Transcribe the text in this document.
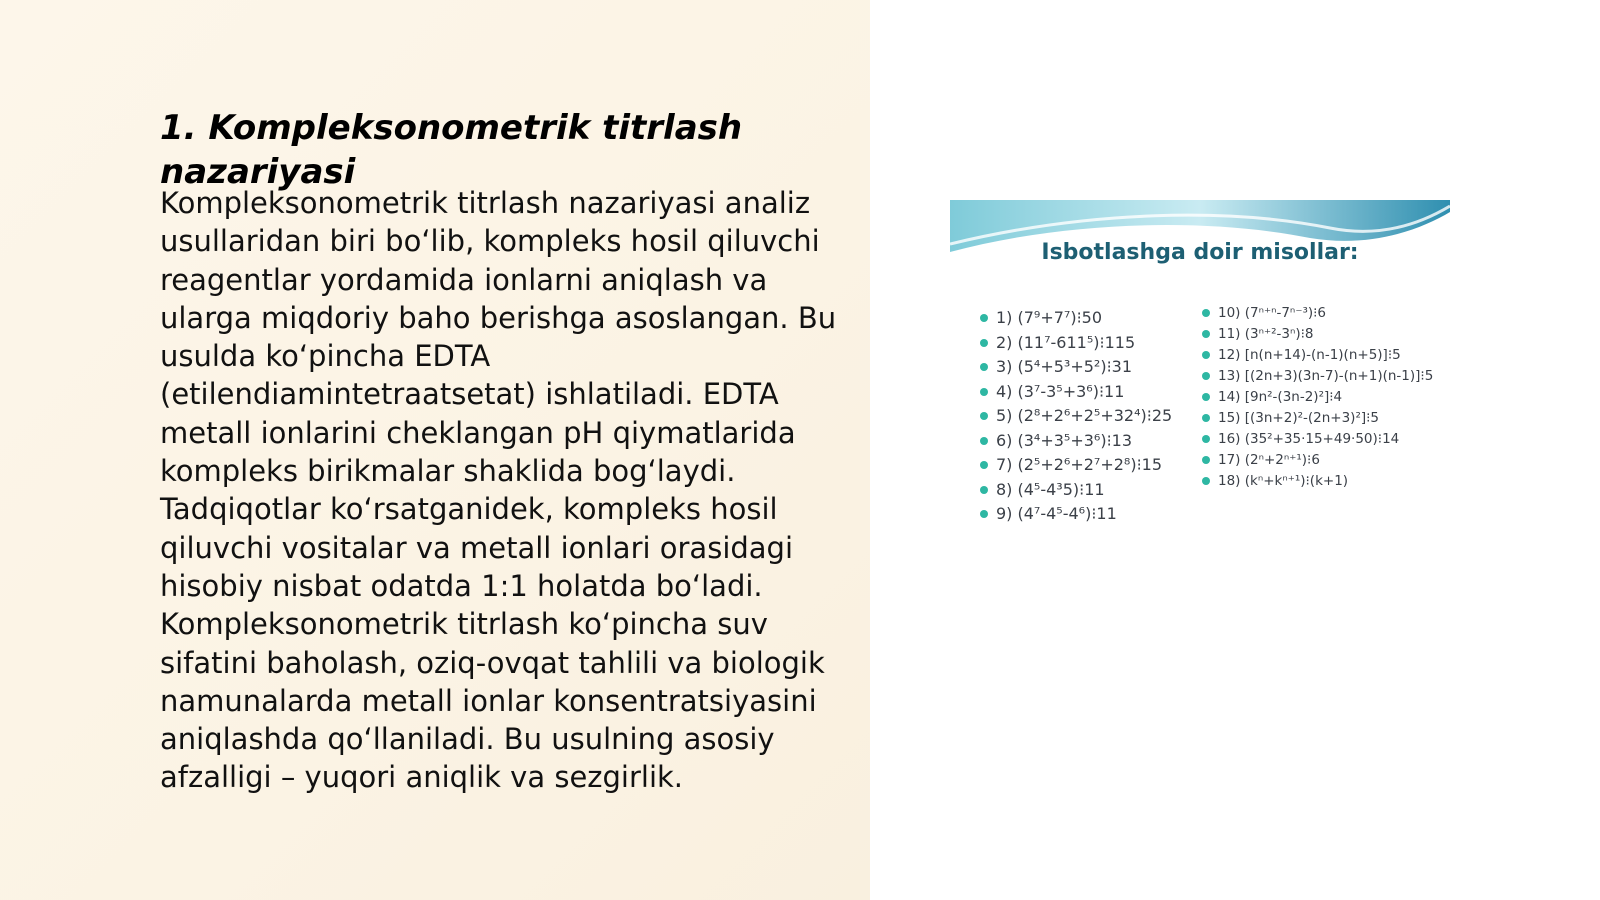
1. Kompleksonometrik titrlash nazariyasi

Kompleksonometrik titrlash nazariyasi analiz usullaridan biri bo‘lib, kompleks hosil qiluvchi reagentlar yordamida ionlarni aniqlash va ularga miqdoriy baho berishga asoslangan. Bu usulda ko‘pincha EDTA (etilendiamintetraatsetat) ishlatiladi. EDTA metall ionlarini cheklangan pH qiymatlarida kompleks birikmalar shaklida bog‘laydi. Tadqiqotlar ko‘rsatganidek, kompleks hosil qiluvchi vositalar va metall ionlari orasidagi hisobiy nisbat odatda 1:1 holatda bo‘ladi. Kompleksonometrik titrlash ko‘pincha suv sifatini baholash, oziq-ovqat tahlili va biologik namunalarda metall ionlar konsentratsiyasini aniqlashda qo‘llaniladi. Bu usulning asosiy afzalligi – yuqori aniqlik va sezgirlik.

Isbotlashga doir misollar:
1) (7⁹+7⁷)⁝50
2) (11⁷-611⁵)⁝115
3) (5⁴+5³+5²)⁝31
4) (3⁷-3⁵+3⁶)⁝11
5) (2⁸+2⁶+2⁵+32⁴)⁝25
6) (3⁴+3⁵+3⁶)⁝13
7) (2⁵+2⁶+2⁷+2⁸)⁝15
8) (4⁵-4³5)⁝11
9) (4⁷-4⁵-4⁶)⁝11
10) (7ⁿ⁺ⁿ-7ⁿ⁻³)⁝6
11) (3ⁿ⁺²-3ⁿ)⁝8
12) [n(n+14)-(n-1)(n+5)]⁝5
13) [(2n+3)(3n-7)-(n+1)(n-1)]⁝5
14) [9n²-(3n-2)²]⁝4
15) [(3n+2)²-(2n+3)²]⁝5
16) (35²+35·15+49·50)⁝14
17) (2ⁿ+2ⁿ⁺¹)⁝6
18) (kⁿ+kⁿ⁺¹)⁝(k+1)
